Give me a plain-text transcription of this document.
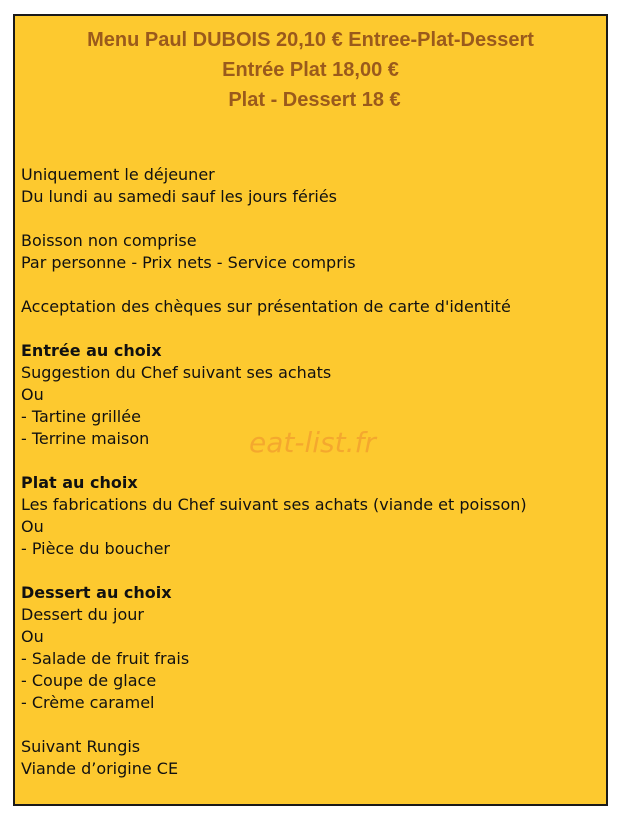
Menu Paul DUBOIS 20,10 € Entree-Plat-Dessert
Entrée Plat 18,00 €
Plat - Dessert 18 €
Uniquement le déjeuner
Du lundi au samedi sauf les jours fériés
Boisson non comprise
Par personne - Prix nets - Service compris
Acceptation des chèques sur présentation de carte d'identité
Entrée au choix
Suggestion du Chef suivant ses achats
Ou
- Tartine grillée
- Terrine maison
Plat au choix
Les fabrications du Chef suivant ses achats (viande et poisson)
Ou
- Pièce du boucher
Dessert au choix
Dessert du jour
Ou
- Salade de fruit frais
- Coupe de glace
- Crème caramel
Suivant Rungis
Viande d’origine CE
eat-list.fr
